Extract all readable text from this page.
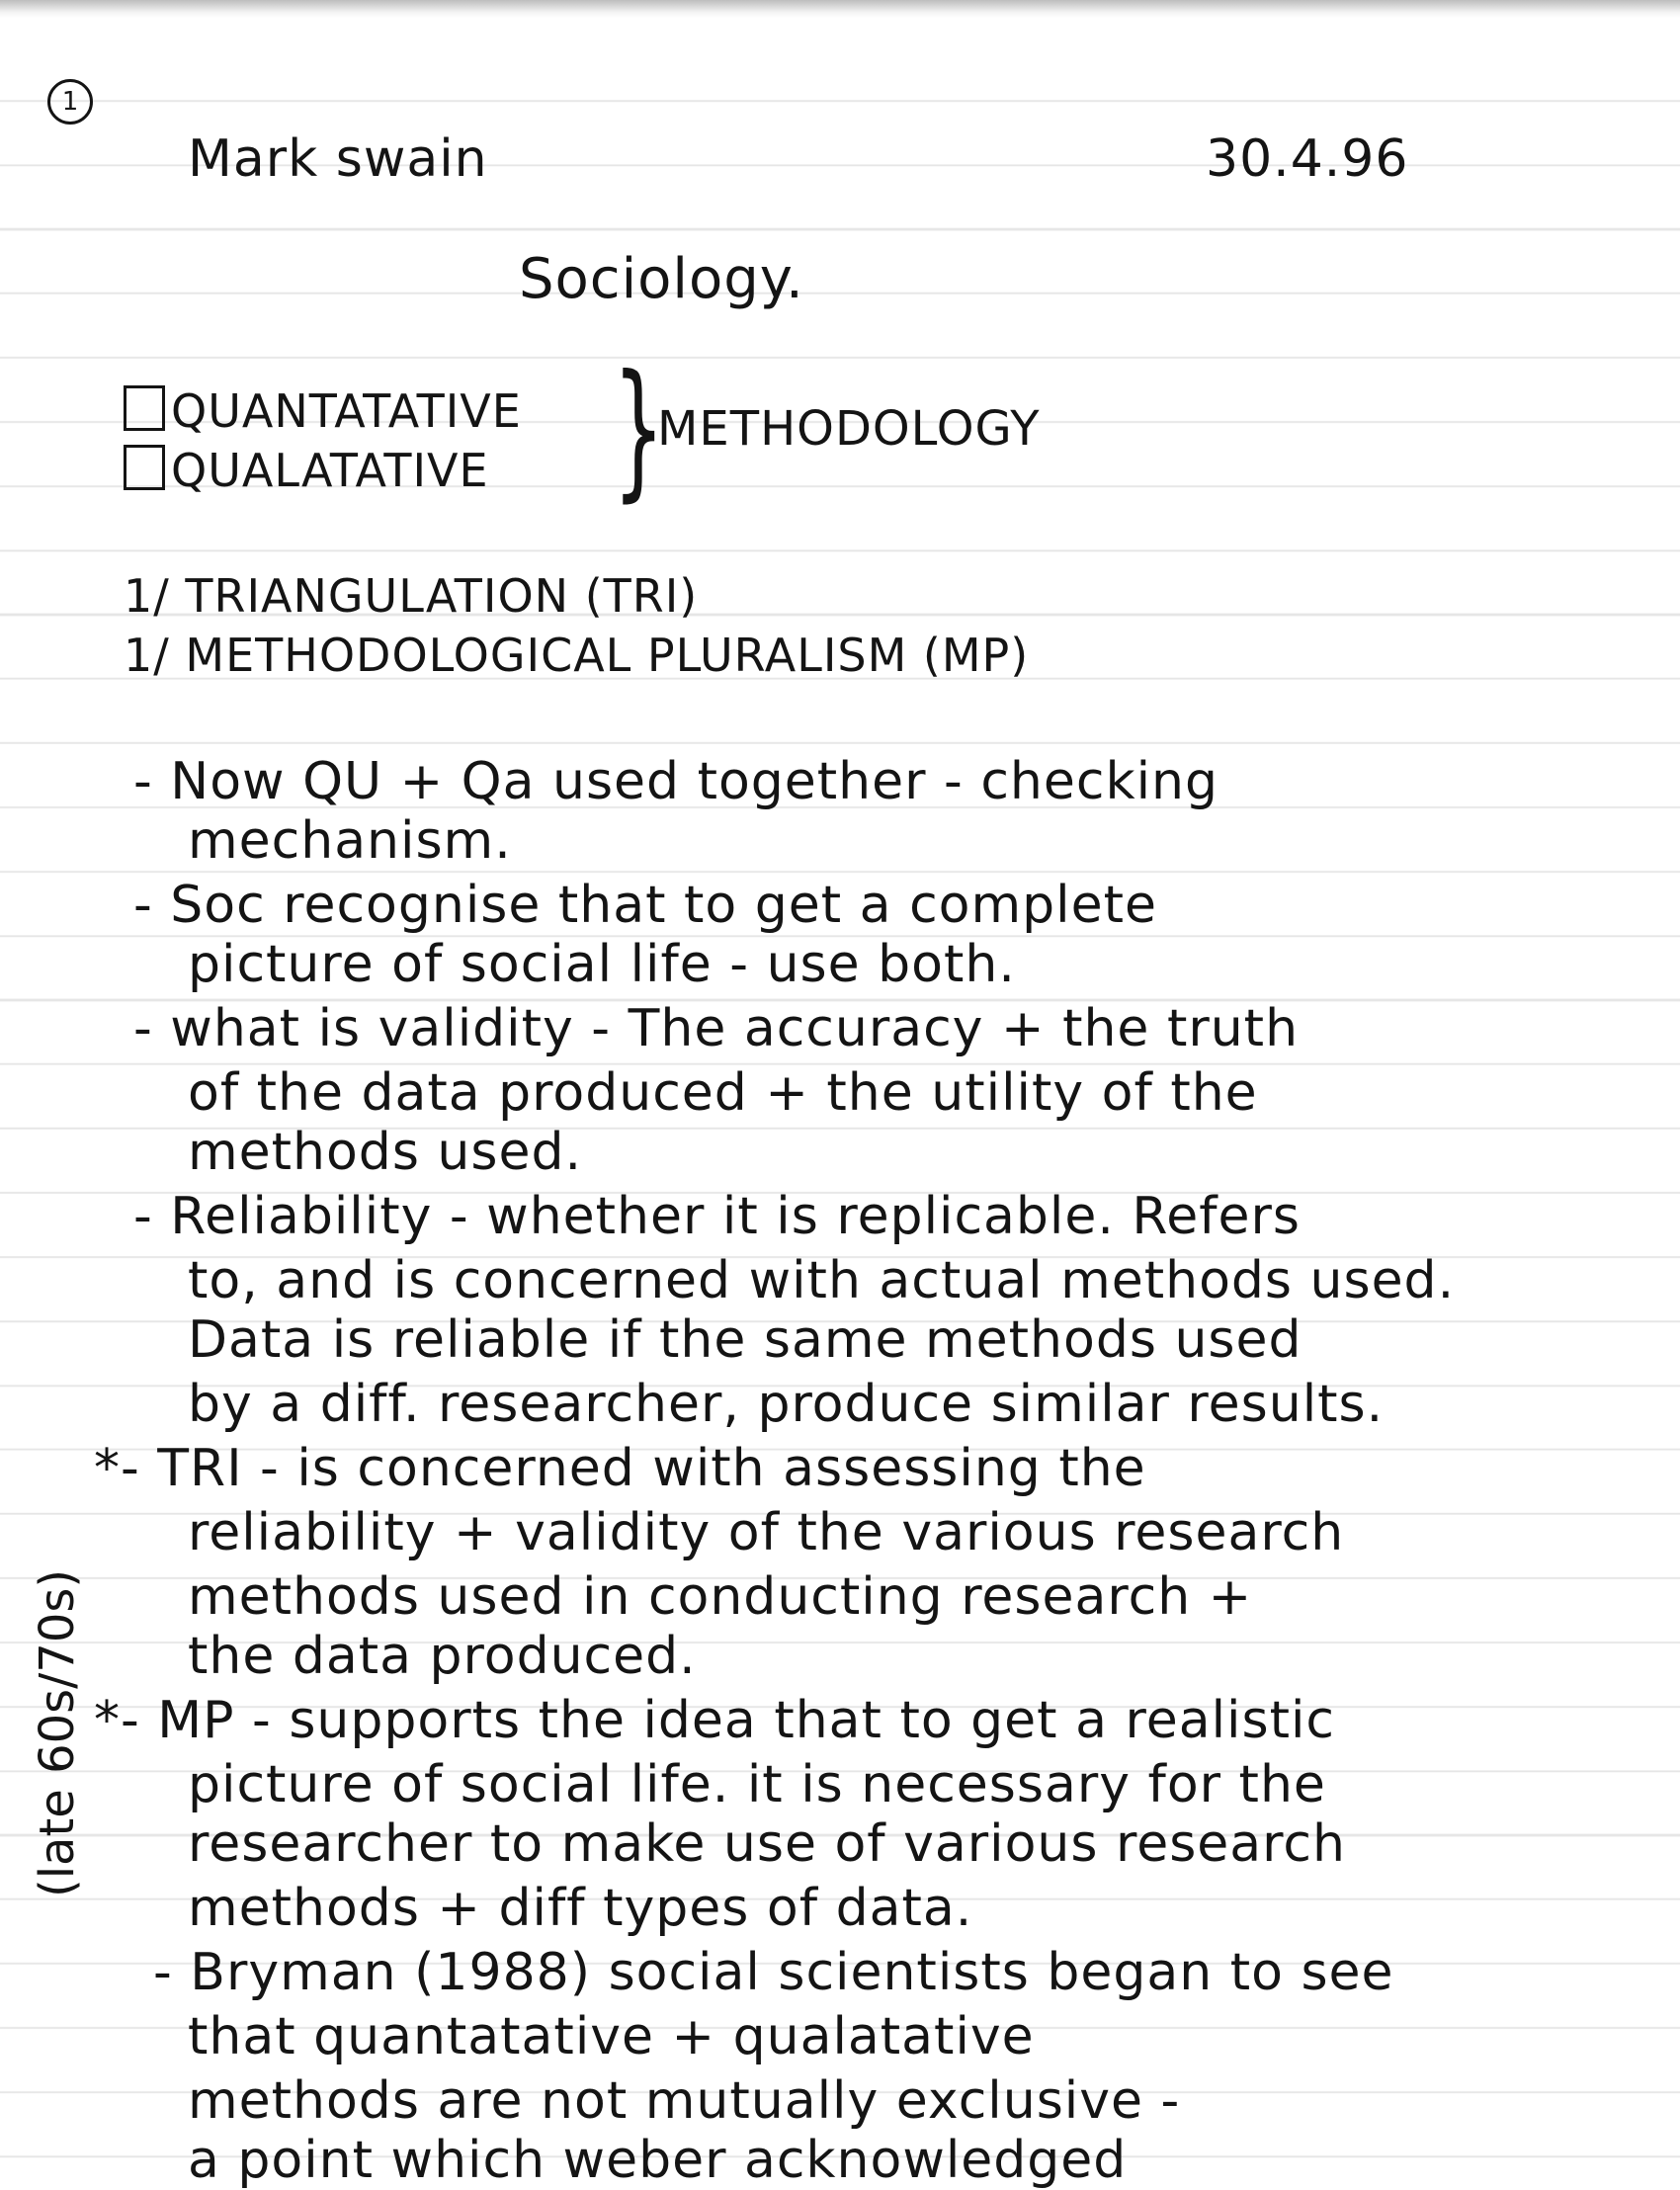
1
Mark swain	30.4.96
Sociology.
QUANTATATIVE
QUALATATIVE }
METHODOLOGY
1/ TRIANGULATION (TRI)
1/ METHODOLOGICAL PLURALISM (MP)
- Now QU + Qa used together - checking
mechanism.
- Soc recognise that to get a complete
picture of social life - use both.
- what is validity - The accuracy + the truth
of the data produced + the utility of the
methods used.
- Reliability - whether it is replicable. Refers
to, and is concerned with actual methods used.
Data is reliable if the same methods used
by a diff. researcher, produce similar results.
*- TRI - is concerned with assessing the
reliability + validity of the various research
methods used in conducting research +
the data produced.
*- MP - supports the idea that to get a realistic
picture of social life. it is necessary for the
researcher to make use of various research
methods + diff types of data.
- Bryman (1988) social scientists began to see
that quantatative + qualatative
methods are not mutually exclusive -
a point which weber acknowledged
(late 60s/70s)
